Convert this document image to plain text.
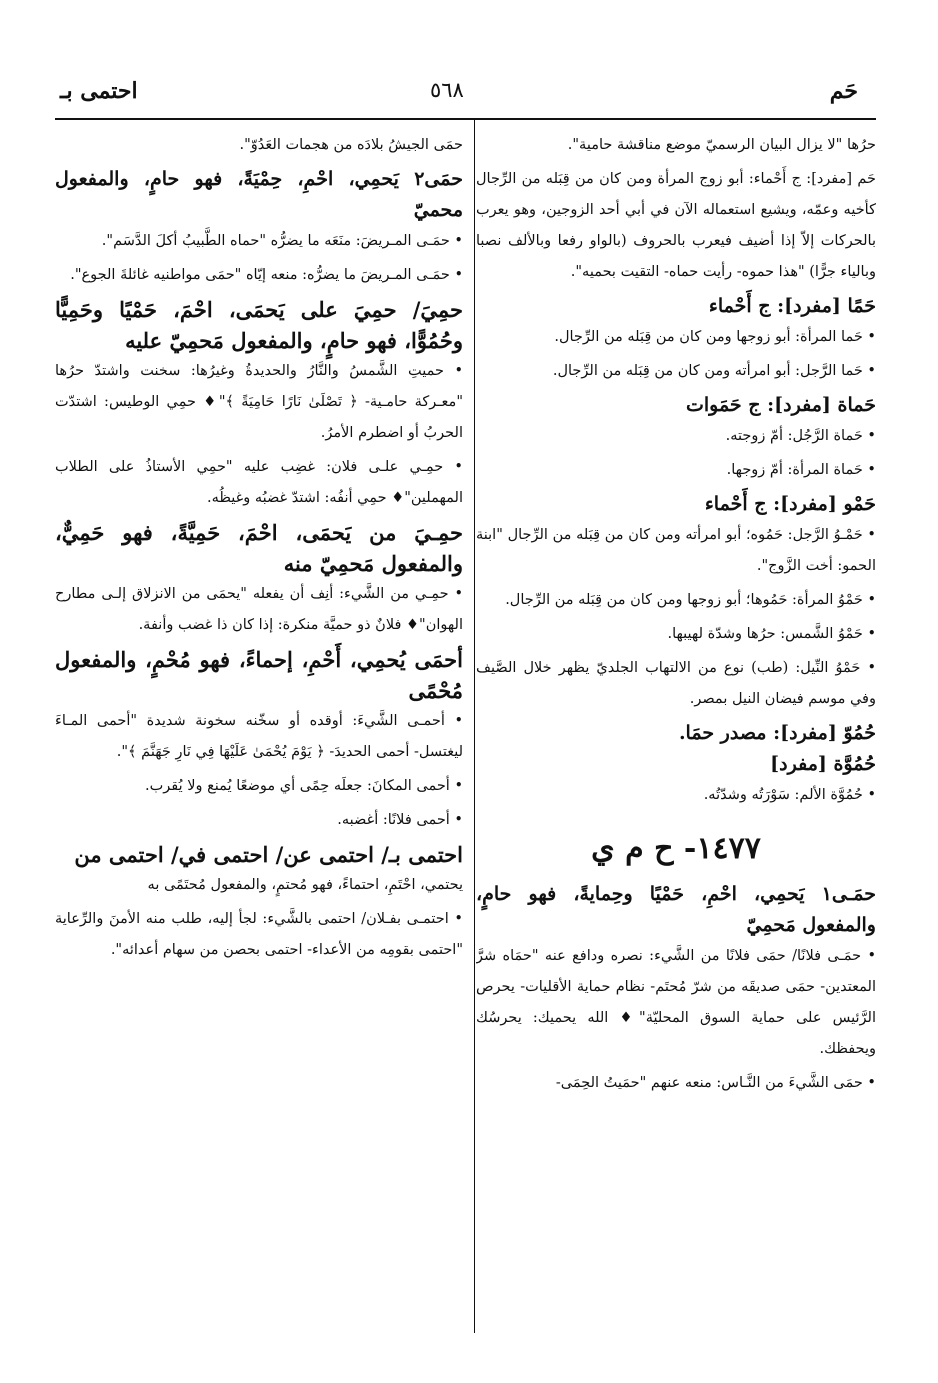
حَم
٥٦٨
احتمى بـ
حرُها "لا يزال البيان الرسميّ موضع مناقشة حامية".
حَم [مفرد]: ج أَحْماء: أبو زوج المرأة ومن كان من قِبَله من الرِّجال كأخيه وعمّه، ويشيع استعماله الآن في أبي أحد الزوجين، وهو يعرب بالحركات إلاّ إذا أضيف فيعرب بالحروف (بالواو رفعا وبالألف نصبا وبالياء جرًّا) "هذا حموه- رأيت حماه- التقيت بحميه".
حَمًا [مفرد]: ج أَحْماء
• حَما المرأة: أبو زوجها ومن كان من قِبَله من الرِّجال.
• حَما الرَّجل: أبو امرأته ومن كان من قِبَله من الرِّجال.
حَماة [مفرد]: ج حَمَوات
• حَماة الرَّجُل: أمّ زوجته.
• حَماة المرأة: أمّ زوجها.
حَمْو [مفرد]: ج أَحْماء
• حَمْـوُ الرَّجل: حَمُوه؛ أبو امرأته ومن كان من قِبَله من الرِّجال "ابنة الحمو: أخت الزَّوج".
• حَمْوُ المرأة: حَمُوها؛ أبو زوجها ومن كان من قِبَله من الرِّجال.
• حَمْوُ الشَّمس: حرُها وشدّة لهيبها.
• حَمْوُ النِّيل: (طب) نوع من الالتهاب الجلديّ يظهر خلال الصَّيف وفي موسم فيضان النيل بمصر.
حُمُوّ [مفرد]: مصدر حمَا.
حُمُوَّة [مفرد]
• حُمُوَّة الألم: سَوْرَتُه وشدّتُه.
١٤٧٧- ح م ي
حمَـى١ يَحمِي، احْمِ، حَمْيًا وحِمايةً، فهو حامٍ، والمفعول مَحمِيّ
• حمَـى فلانًا/ حمَى فلانًا من الشَّيء: نصره ودافع عنه "حمَاه شرَّ المعتدين- حمَى صديقَه من شرّ مُحتَم- نظام حماية الأقليات- يحرص الرَّئيس على حماية السوق المحليّة"♦ الله يحميك: يحرسُك ويحفظك.
• حمَى الشَّيءَ من النَّـاس: منعه عنهم "حمَيتُ الحِمَى-
حمَى الجيشُ بلادَه من هجمات العَدُوّ".
حمَى٢ يَحمِي، احْمِ، حِمْيَةً، فهو حامٍ، والمفعول محميّ
• حمَـى المـريضَ: منَعَه ما يضرُّه "حماه الطَّبيبُ أكلَ الدَّسَم".
• حمَـى المـريضَ ما يضرُّه: منعه إيّاه "حمَى مواطنيه غائلةَ الجوع".
حمِيَ/ حمِيَ على يَحمَى، احْمَ، حَمْيًا وحَمِيًّا وحُمُوًّا، فهو حامٍ، والمفعول مَحمِيّ عليه
• حميتِ الشَّمسُ والنَّارُ والحديدةُ وغيرُها: سخنت واشتدّ حرُها "معـركة حامـية- ﴿ تَصْلَىٰ نَارًا حَامِيَةً ﴾"♦ حمِي الوطيس: اشتدّت الحربُ أو اضطرم الأمرُ.
• حمِـي علـى فلان: غضِب عليه "حمِي الأستاذُ على الطلاب المهملين"♦ حمِي أنفُه: اشتدّ غضبُه وغيظُه.
حمِـيَ من يَحمَى، احْمَ، حَمِيَّةً، فهو حَمِيٌّ، والمفعول مَحمِيّ منه
• حمِـي من الشَّيء: أنِف أن يفعله "يحمَى من الانزلاق إلـى مطارح الهوان"♦ فلانٌ ذو حميَّة منكرة: إذا كان ذا غضب وأنفة.
أحمَى يُحمِي، أَحْمِ، إحماءً، فهو مُحْمٍ، والمفعول مُحْمًى
• أحمـى الشَّيءَ: أوقده أو سخّنه سخونة شديدة "أحمى المـاءَ ليغتسل- أحمى الحديدَ- ﴿ يَوْمَ يُحْمَىٰ عَلَيْهَا فِي نَارِ جَهَنَّمَ ﴾".
• أحمى المكانَ: جعلَه حِمًى أي موضعًا يُمنع ولا يُقرب.
• أحمى فلانًا: أغضبه.
احتمى بـ/ احتمى عن/ احتمى في/ احتمى من
يحتمي، احْتَمِ، احتماءً، فهو مُحتمٍ، والمفعول مُحتَمًى به
• احتمـى بفـلان/ احتمى بالشَّيء: لجأ إليه، طلب منه الأمنَ والرِّعاية "احتمى بقومِه من الأعداء- احتمى بحصن من سهام أعدائه".
